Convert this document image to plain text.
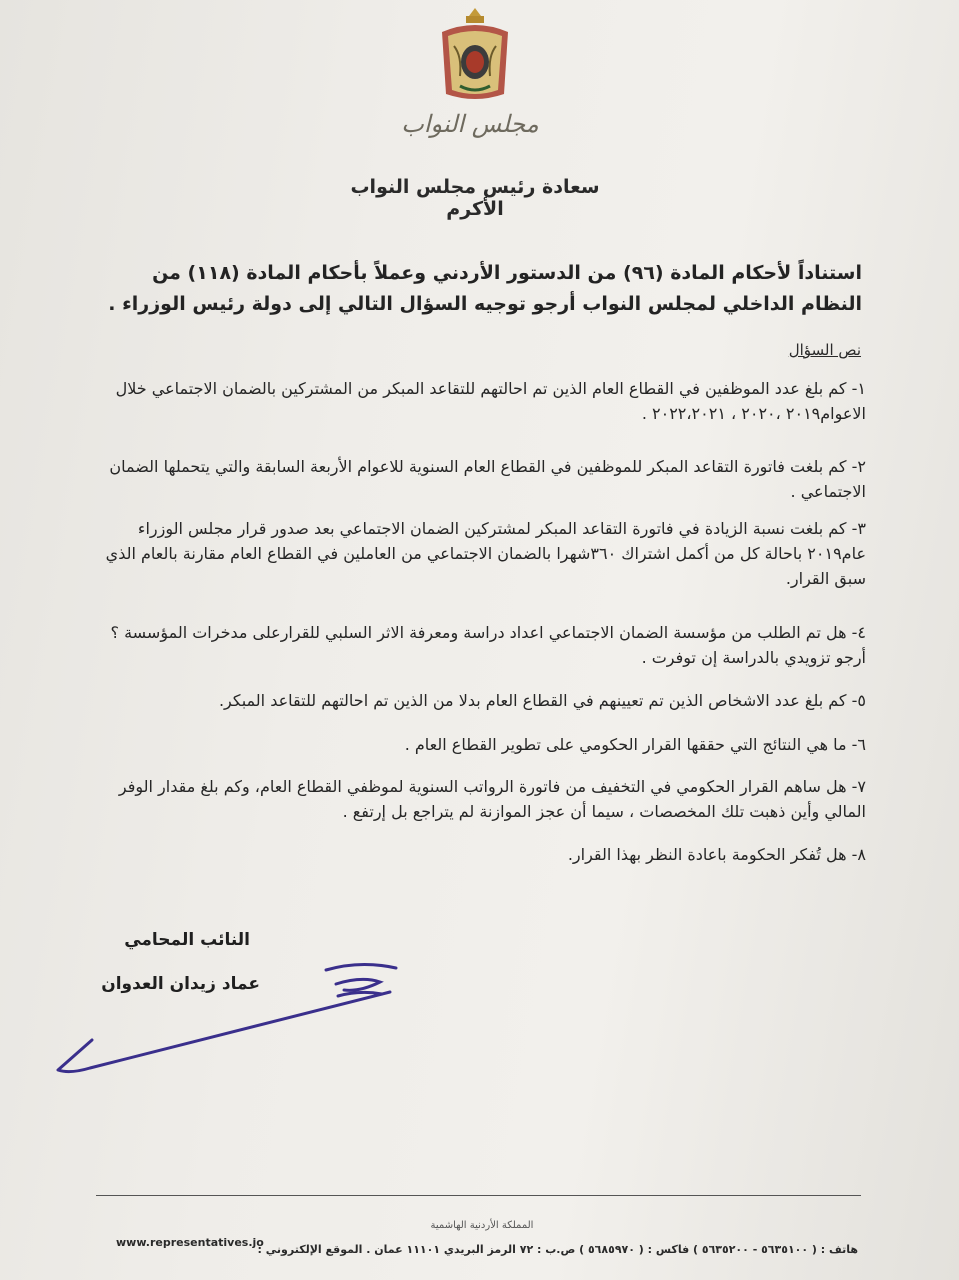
مجلس النواب
سعادة رئيس مجلس النواب الأكرم
استناداً لأحكام المادة (٩٦) من الدستور الأردني وعملاً بأحكام المادة (١١٨) من النظام الداخلي لمجلس النواب أرجو توجيه السؤال التالي إلى دولة رئيس الوزراء .
نص السؤال
١- كم بلغ عدد الموظفين في القطاع العام الذين تم احالتهم للتقاعد المبكر من المشتركين بالضمان الاجتماعي خلال الاعوام٢٠١٩ ،٢٠٢٠ ، ٢٠٢٢،٢٠٢١ .
٢- كم بلغت فاتورة التقاعد المبكر للموظفين في القطاع العام السنوية للاعوام الأربعة السابقة والتي يتحملها الضمان الاجتماعي .
٣- كم بلغت نسبة الزيادة في فاتورة التقاعد المبكر لمشتركين الضمان الاجتماعي بعد صدور قرار مجلس الوزراء عام٢٠١٩ باحالة كل من أكمل اشتراك ٣٦٠شهرا بالضمان الاجتماعي من العاملين في القطاع العام مقارنة بالعام الذي سبق القرار.
٤- هل تم الطلب من مؤسسة الضمان الاجتماعي اعداد دراسة ومعرفة الاثر السلبي للقرارعلى مدخرات المؤسسة ؟ أرجو تزويدي بالدراسة إن توفرت .
٥- كم بلغ عدد الاشخاص الذين تم تعيينهم في القطاع العام بدلا من الذين تم احالتهم للتقاعد المبكر.
٦- ما هي النتائج التي حققها القرار الحكومي على تطوير القطاع العام .
٧- هل ساهم القرار الحكومي في التخفيف من فاتورة الرواتب السنوية لموظفي القطاع العام، وكم بلغ مقدار الوفر المالي وأين ذهبت تلك المخصصات ، سيما أن عجز الموازنة لم يتراجع بل إرتفع .
٨- هل تُفكر الحكومة باعادة النظر بهذا القرار.
النائب المحامي
عماد زيدان العدوان
المملكة الأردنية الهاشمية
هاتف : ( ٥٦٣٥١٠٠ - ٥٦٣٥٢٠٠ ) فاكس : ( ٥٦٨٥٩٧٠ ) ص.ب : ٧٢ الرمز البريدي ١١١٠١ عمان . الموقع الإلكتروني :
www.representatives.jo
